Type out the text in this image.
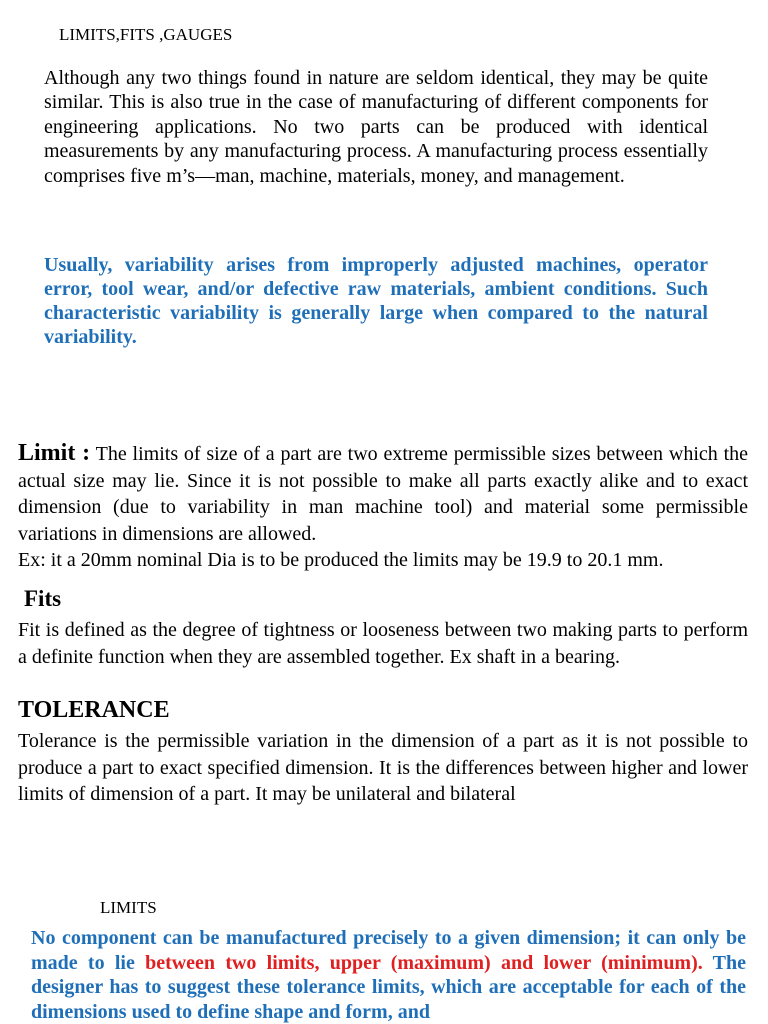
LIMITS,FITS ,GAUGES

Although any two things found in nature are seldom identical, they may be quite similar. This is also true in the case of manufacturing of different components for engineering applications. No two parts can be produced with identical measurements by any manufacturing process. A manufacturing process essentially comprises five m’s—man, machine, materials, money, and management.

Usually, variability arises from improperly adjusted machines, operator error, tool wear, and/or defective raw materials, ambient conditions. Such characteristic variability is generally large when compared to the natural variability.

Limit : The limits of size of a part are two extreme permissible sizes between which the actual size may lie. Since it is not possible to make all parts exactly alike and to exact dimension (due to variability in man machine tool) and material some permissible variations in dimensions are allowed.
Ex: it a 20mm nominal Dia is to be produced the limits may be 19.9 to 20.1 mm.
Fits

Fit is defined as the degree of tightness or looseness between two making parts to perform a definite function when they are assembled together. Ex shaft in a bearing.

TOLERANCE

Tolerance is the permissible variation in the dimension of a part as it is not possible to produce a part to exact specified dimension. It is the differences between higher and lower limits of dimension of a part. It may be unilateral and bilateral

LIMITS

No component can be manufactured precisely to a given dimension; it can only be made to lie between two limits, upper (maximum) and lower (minimum). The designer has to suggest these tolerance limits, which are acceptable for each of the dimensions used to define shape and form, and
